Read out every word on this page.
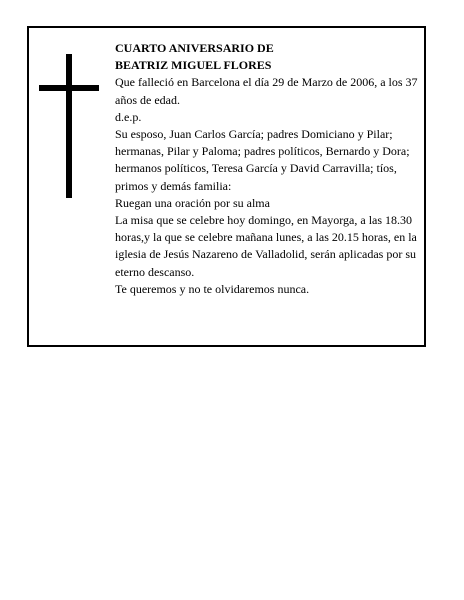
CUARTO ANIVERSARIO DE

BEATRIZ MIGUEL FLORES

Que falleció en Barcelona el día 29 de Marzo de 2006, a los 37 años de edad.

d.e.p.

Su esposo, Juan Carlos García; padres Domiciano y Pilar; hermanas, Pilar y Paloma; padres políticos, Bernardo y Dora; hermanos políticos, Teresa García y David Carravilla; tíos, primos y demás familia:

Ruegan una oración por su alma

La misa que se celebre hoy domingo, en Mayorga, a las 18.30 horas,y la que se celebre mañana lunes, a las 20.15 horas, en la iglesia de Jesús Nazareno de Valladolid, serán aplicadas por su eterno descanso.

Te queremos y no te olvidaremos nunca.
